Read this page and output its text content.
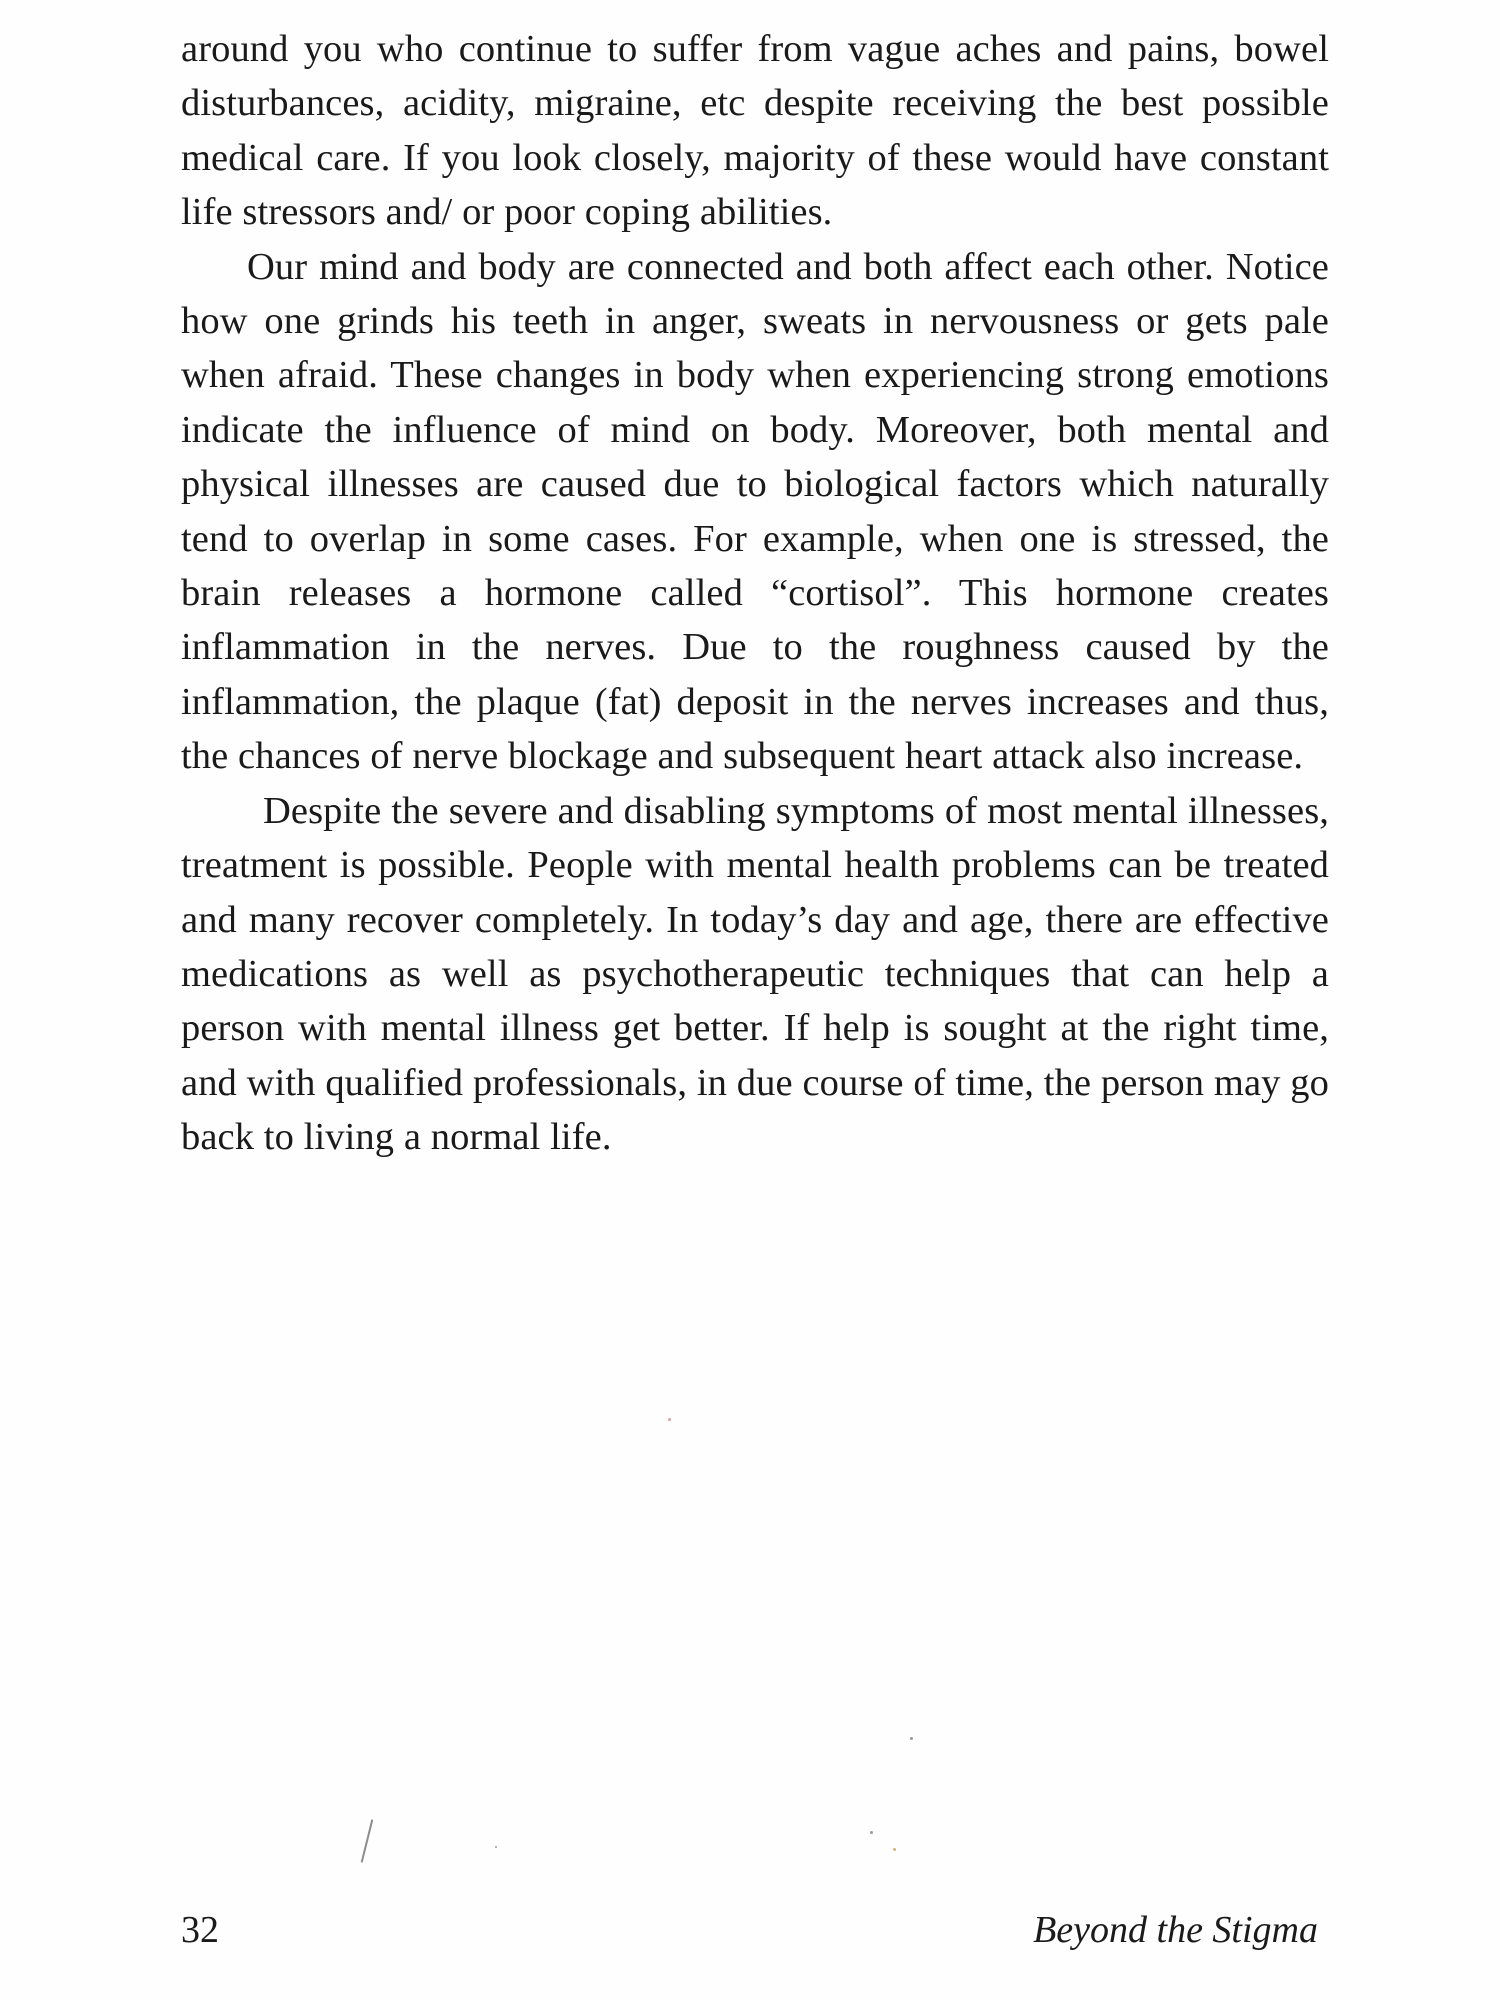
around you who continue to suffer from vague aches and pains, bowel disturbances, acidity, migraine, etc despite receiving the best possible medical care. If you look closely, majority of these would have constant life stressors and/ or poor coping abilities.

Our mind and body are connected and both affect each other. Notice how one grinds his teeth in anger, sweats in nervousness or gets pale when afraid. These changes in body when experiencing strong emotions indicate the influence of mind on body. Moreover, both mental and physical illnesses are caused due to biological factors which naturally tend to overlap in some cases. For example, when one is stressed, the brain releases a hormone called “cortisol”. This hormone creates inflammation in the nerves. Due to the roughness caused by the inflammation, the plaque (fat) deposit in the nerves increases and thus, the chances of nerve blockage and subsequent heart attack also increase.

Despite the severe and disabling symptoms of most mental illnesses, treatment is possible. People with mental health problems can be treated and many recover completely. In today’s day and age, there are effective medications as well as psychotherapeutic techniques that can help a person with mental illness get better. If help is sought at the right time, and with qualified professionals, in due course of time, the person may go back to living a normal life.

32	Beyond the Stigma
